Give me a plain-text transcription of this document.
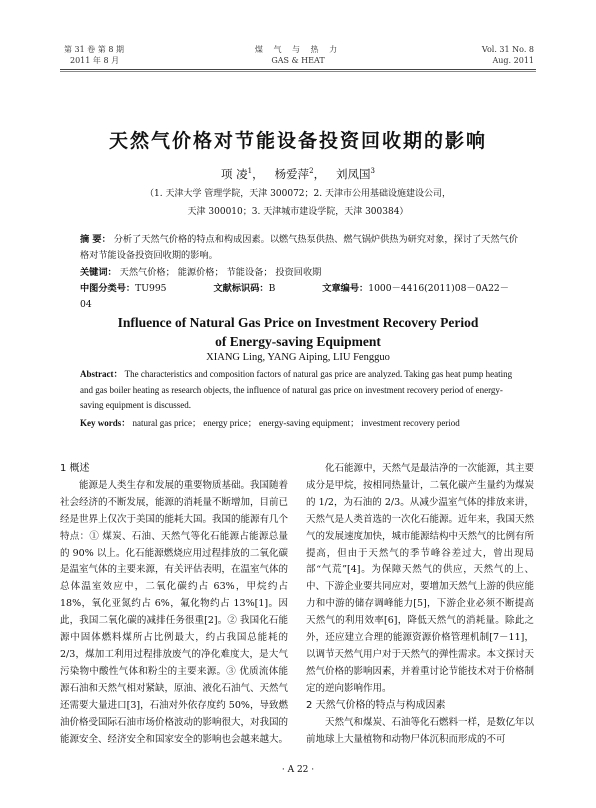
第 31 卷 第 8 期
2011 年 8 月
煤 气 与 热 力
GAS & HEAT
Vol. 31 No. 8
Aug. 2011
天然气价格对节能设备投资回收期的影响
项 凌$^1$，   杨爱萍$^2$，   刘凤国$^3$
（1. 天津大学 管理学院，天津 300072；2. 天津市公用基础设施建设公司，
天津 300010；3. 天津城市建设学院，天津 300384）
摘 要： 分析了天然气价格的特点和构成因素。以燃气热泵供热、燃气锅炉供热为研究对象，探讨了天然气价格对节能设备投资回收期的影响。
关键词： 天然气价格； 能源价格； 节能设备； 投资回收期
中图分类号：TU995	文献标识码：B	文章编号：1000－4416(2011)08－0A22－04
Influence of Natural Gas Price on Investment Recovery Period
of Energy-saving Equipment
XIANG Ling, YANG Aiping, LIU Fengguo
Abstract： The characteristics and composition factors of natural gas price are analyzed. Taking gas heat pump heating and gas boiler heating as research objects, the influence of natural gas price on investment recovery period of energy-saving equipment is discussed.
Key words： natural gas price； energy price； energy-saving equipment； investment recovery period
1 概述

能源是人类生存和发展的重要物质基础。我国随着社会经济的不断发展，能源的消耗量不断增加，目前已经是世界上仅次于美国的能耗大国。我国的能源有几个特点：① 煤炭、石油、天然气等化石能源占能源总量的 90% 以上。化石能源燃烧应用过程排放的二氧化碳是温室气体的主要来源，有关评估表明，在温室气体的总体温室效应中，二氧化碳约占 63%，甲烷约占 18%，氧化亚氮约占 6%，氟化物约占 13%[1]。因此，我国二氧化碳的减排任务很重[2]。② 我国化石能源中固体燃料煤所占比例最大，约占我国总能耗的 2/3，煤加工利用过程排放废气的净化难度大，是大气污染物中酸性气体和粉尘的主要来源。③ 优质流体能源石油和天然气相对紧缺，原油、液化石油气、天然气还需要大量进口[3]，石油对外依存度约 50%，导致燃油价格受国际石油市场价格波动的影响很大，对我国的能源安全、经济安全和国家安全的影响也会越来越大。

化石能源中，天然气是最洁净的一次能源，其主要成分是甲烷，按相同热量计，二氧化碳产生量约为煤炭的 1/2，为石油的 2/3。从减少温室气体的排放来讲，天然气是人类首选的一次化石能源。近年来，我国天然气的发展速度加快，城市能源结构中天然气的比例有所提高，但由于天然气的季节峰谷差过大，曾出现局部“气荒”[4]。为保障天然气的供应，天然气的上、中、下游企业要共同应对，要增加天然气上游的供应能力和中游的储存调峰能力[5]，下游企业必须不断提高天然气的利用效率[6]，降低天然气的消耗量。除此之外，还应建立合理的能源资源价格管理机制[7－11]，以调节天然气用户对于天然气的弹性需求。本文探讨天然气价格的影响因素，并着重讨论节能技术对于价格制定的逆向影响作用。

2 天然气价格的特点与构成因素

天然气和煤炭、石油等化石燃料一样，是数亿年以前地球上大量植物和动物尸体沉积而形成的不可

· A 22 ·
